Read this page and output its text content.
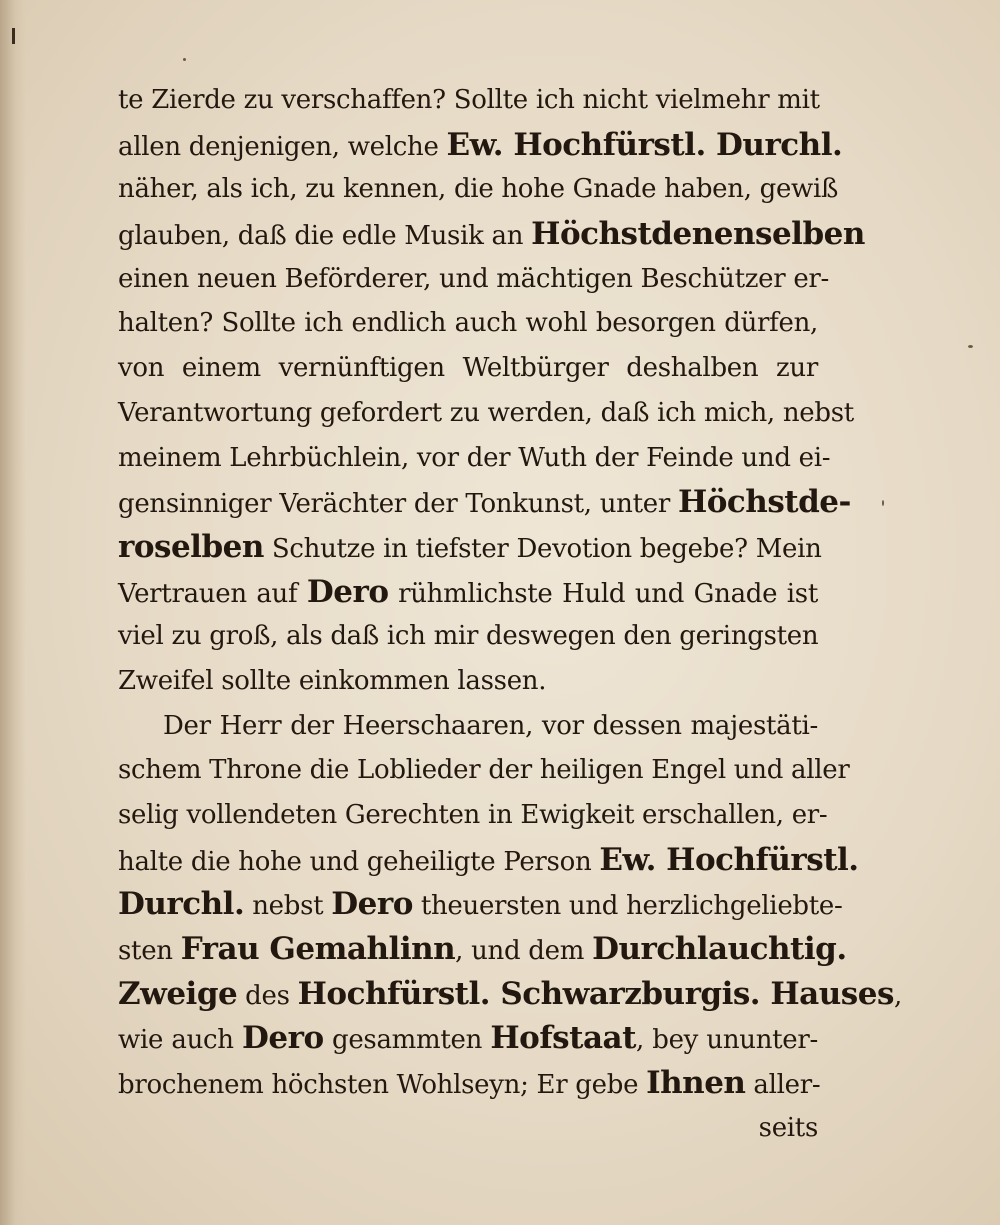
te Zierde zu verschaffen? Sollte ich nicht vielmehr mit
allen denjenigen, welche Ew. Hochfürstl. Durchl.
näher, als ich, zu kennen, die hohe Gnade haben, gewiß
glauben, daß die edle Musik an Höchstdenenselben
einen neuen Beförderer, und mächtigen Beschützer er-
halten? Sollte ich endlich auch wohl besorgen dürfen,
von einem vernünftigen Weltbürger deshalben zur
Verantwortung gefordert zu werden, daß ich mich, nebst
meinem Lehrbüchlein, vor der Wuth der Feinde und ei-
gensinniger Verächter der Tonkunst, unter Höchstde-
roselben Schutze in tiefster Devotion begebe? Mein
Vertrauen auf Dero rühmlichste Huld und Gnade ist
viel zu groß, als daß ich mir deswegen den geringsten
Zweifel sollte einkommen lassen.
Der Herr der Heerschaaren, vor dessen majestäti-
schem Throne die Loblieder der heiligen Engel und aller
selig vollendeten Gerechten in Ewigkeit erschallen, er-
halte die hohe und geheiligte Person Ew. Hochfürstl.
Durchl. nebst Dero theuersten und herzlichgeliebte-
sten Frau Gemahlinn, und dem Durchlauchtig.
Zweige des Hochfürstl. Schwarzburgis. Hauses,
wie auch Dero gesammten Hofstaat, bey ununter-
brochenem höchsten Wohlseyn; Er gebe Ihnen aller-
seits
